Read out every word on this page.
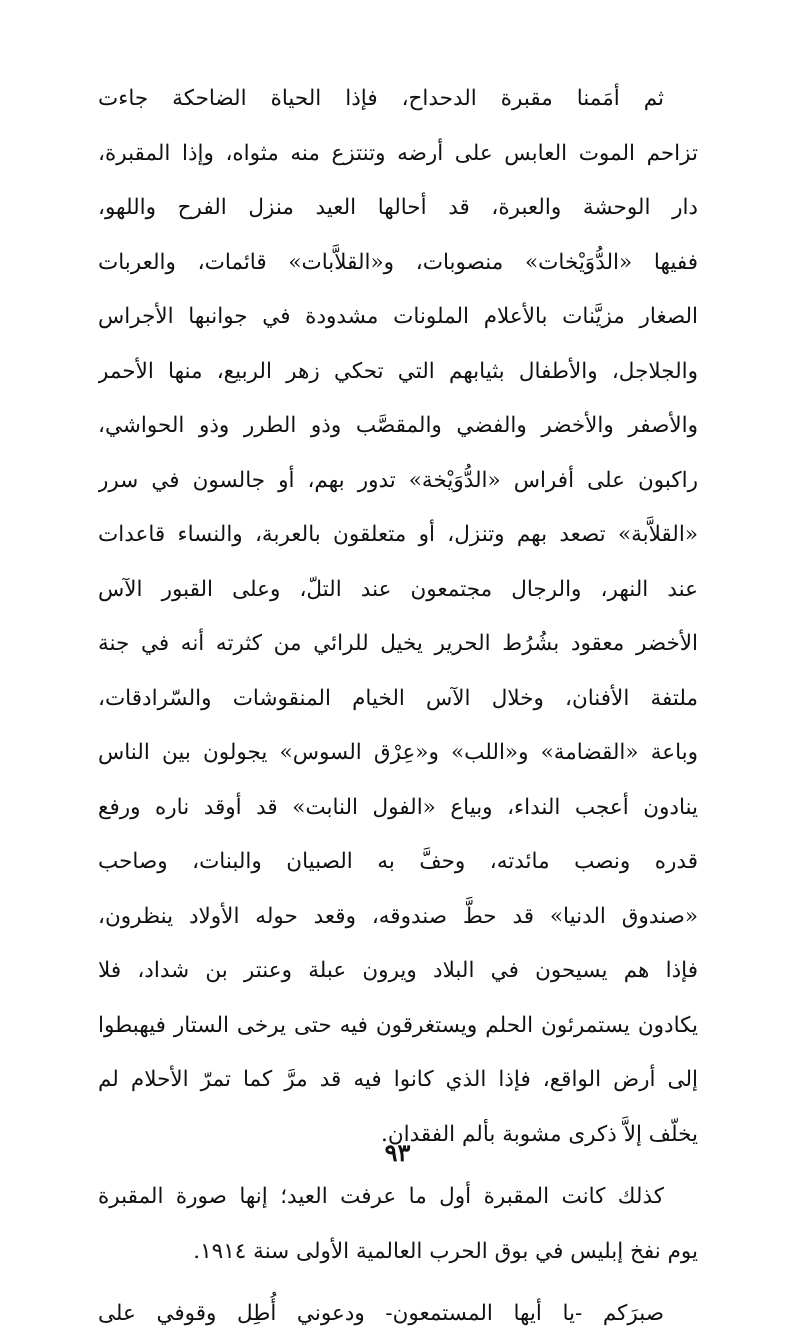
ثم أمَمنا مقبرة الدحداح، فإذا الحياة الضاحكة جاءت
تزاحم الموت العابس على أرضه وتنتزع منه مثواه، وإذا المقبرة،
دار الوحشة والعبرة، قد أحالها العيد منزل الفرح واللهو،
ففيها «الدُّوَيْخات» منصوبات، و«القلاَّبات» قائمات، والعربات
الصغار مزيَّنات بالأعلام الملونات مشدودة في جوانبها الأجراس
والجلاجل، والأطفال بثيابهم التي تحكي زهر الربيع، منها الأحمر
والأصفر والأخضر والفضي والمقصَّب وذو الطرر وذو الحواشي،
راكبون على أفراس «الدُّوَيْخة» تدور بهم، أو جالسون في سرر
«القلاَّبة» تصعد بهم وتنزل، أو متعلقون بالعربة، والنساء قاعدات
عند النهر، والرجال مجتمعون عند التلّ، وعلى القبور الآس
الأخضر معقود بشُرُط الحرير يخيل للرائي من كثرته أنه في جنة
ملتفة الأفنان، وخلال الآس الخيام المنقوشات والسّرادقات،
وباعة «القضامة» و«اللب» و«عِرْق السوس» يجولون بين الناس
ينادون أعجب النداء، وبياع «الفول النابت» قد أوقد ناره ورفع
قدره ونصب مائدته، وحفَّ به الصبيان والبنات، وصاحب
«صندوق الدنيا» قد حطَّ صندوقه، وقعد حوله الأولاد ينظرون،
فإذا هم يسيحون في البلاد ويرون عبلة وعنتر بن شداد، فلا
يكادون يستمرئون الحلم ويستغرقون فيه حتى يرخى الستار فيهبطوا
إلى أرض الواقع، فإذا الذي كانوا فيه قد مرَّ كما تمرّ الأحلام لم
يخلّف إلاَّ ذكرى مشوبة بألم الفقدان.
كذلك كانت المقبرة أول ما عرفت العيد؛ إنها صورة المقبرة
يوم نفخ إبليس في بوق الحرب العالمية الأولى سنة ١٩١٤.
صبرَكم -يا أيها المستمعون- ودعوني أُطِل وقوفي على
٩٣
